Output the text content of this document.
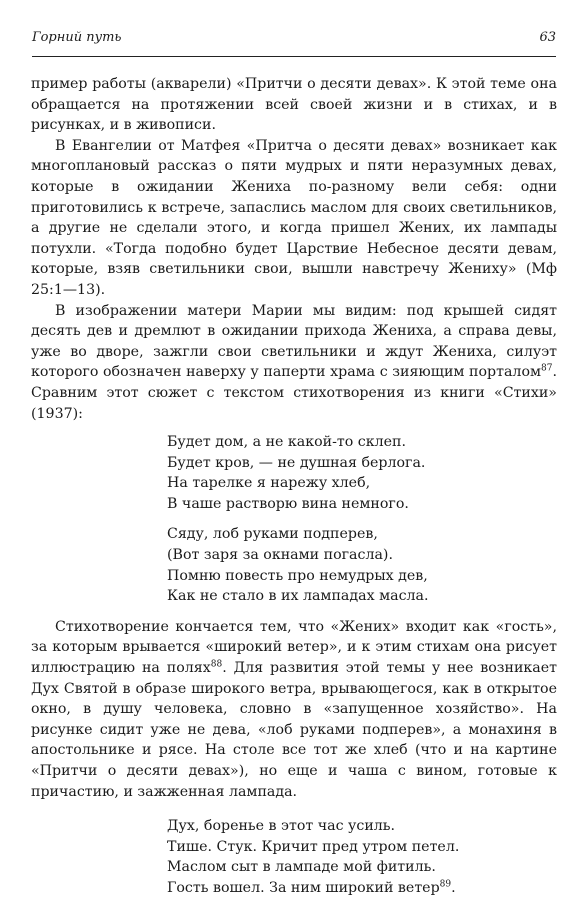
Горний путь	63

пример работы (акварели) «Притчи о десяти девах». К этой теме она обращается на протяжении всей своей жизни и в стихах, и в рисунках, и в живописи.

В Евангелии от Матфея «Притча о десяти девах» возникает как многоплановый рассказ о пяти мудрых и пяти неразумных девах, которые в ожидании Жениха по-разному вели себя: одни приготовились к встрече, запаслись маслом для своих светильников, а другие не сделали этого, и когда пришел Жених, их лампады потухли. «Тогда подобно будет Царствие Небесное десяти девам, которые, взяв светильники свои, вышли навстречу Жениху» (Мф 25:1—13).

В изображении матери Марии мы видим: под крышей сидят десять дев и дремлют в ожидании прихода Жениха, а справа девы, уже во дворе, зажгли свои светильники и ждут Жениха, силуэт которого обозначен наверху у паперти храма с зияющим порталом$^{87}$. Сравним этот сюжет с текстом стихотворения из книги «Стихи» (1937):

Будет дом, а не какой-то склеп.
Будет кров, — не душная берлога.
На тарелке я нарежу хлеб,
В чаше растворю вина немного.
Сяду, лоб руками подперев,
(Вот заря за окнами погасла).
Помню повесть про немудрых дев,
Как не стало в их лампадах масла.

Стихотворение кончается тем, что «Жених» входит как «гость», за которым врывается «широкий ветер», и к этим стихам она рисует иллюстрацию на полях$^{88}$. Для развития этой темы у нее возникает Дух Святой в образе широкого ветра, врывающегося, как в открытое окно, в душу человека, словно в «запущенное хозяйство». На рисунке сидит уже не дева, «лоб руками подперев», а монахиня в апостольнике и рясе. На столе все тот же хлеб (что и на картине «Притчи о десяти девах»), но еще и чаша с вином, готовые к причастию, и зажженная лампада.

Дух, боренье в этот час усиль.
Тише. Стук. Кричит пред утром петел.
Маслом сыт в лампаде мой фитиль.
Гость вошел. За ним широкий ветер$^{89}$.
